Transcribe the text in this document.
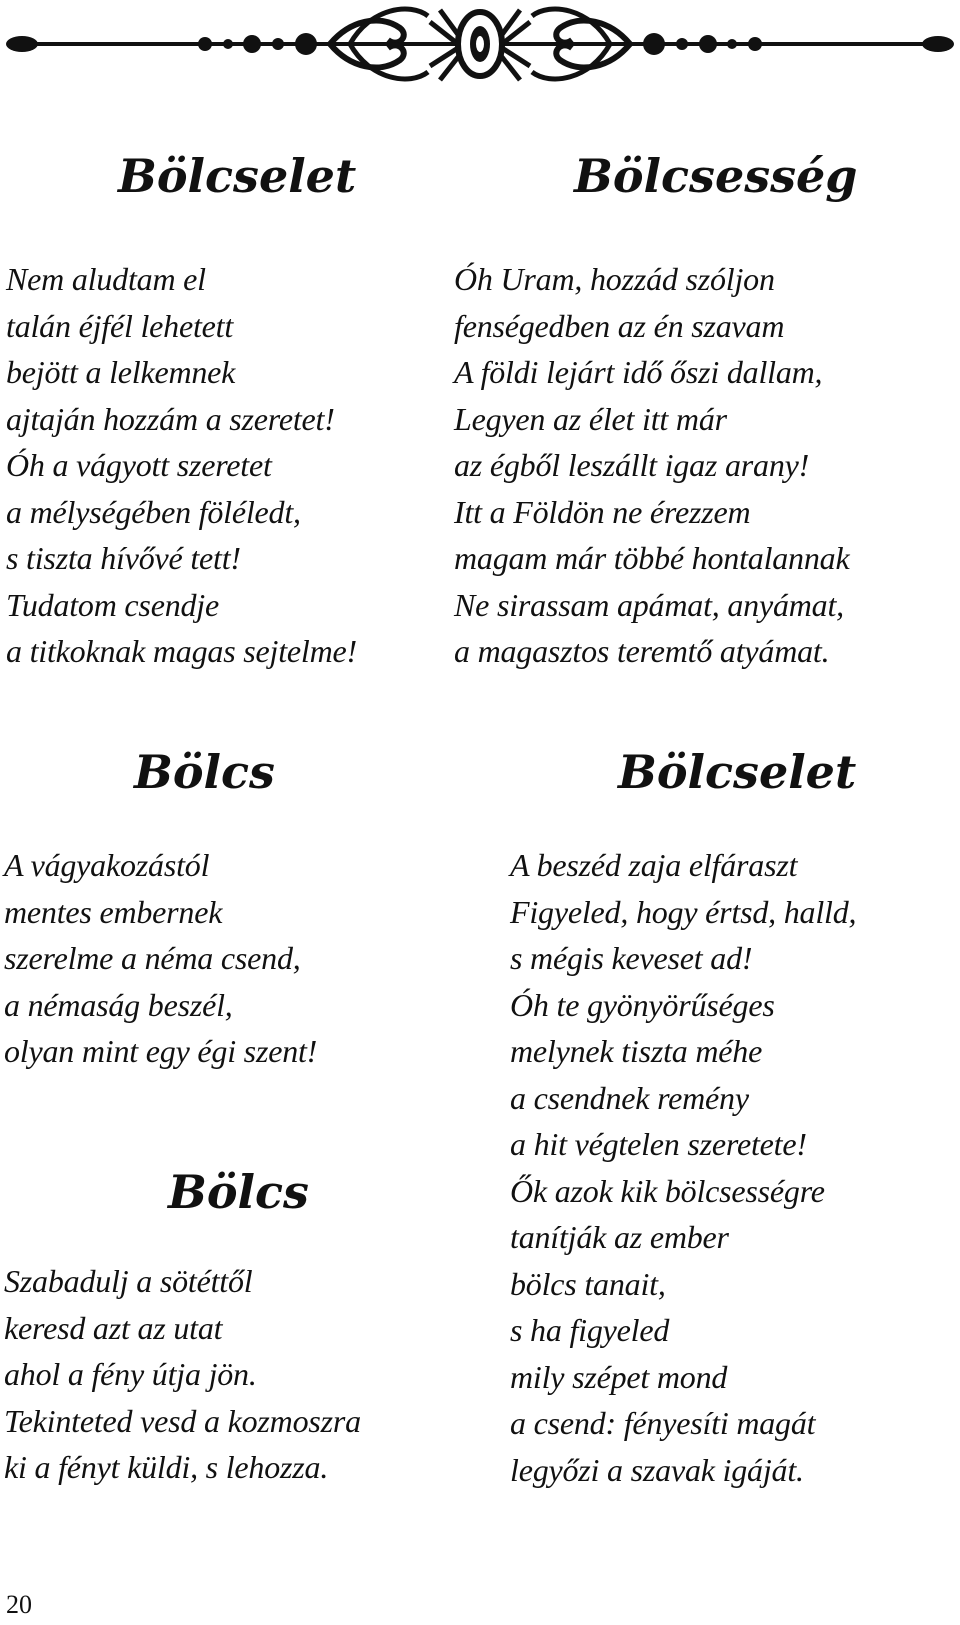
Bölcselet
Nem aludtam el
talán éjfél lehetett
bejött a lelkemnek
ajtaján hozzám a szeretet!
Óh a vágyott szeretet
a mélységében föléledt,
s tiszta hívővé tett!
Tudatom csendje
a titkoknak magas sejtelme!
Bölcsesség
Óh Uram, hozzád szóljon
fenségedben az én szavam
A földi lejárt idő őszi dallam,
Legyen az élet itt már
az égből leszállt igaz arany!
Itt a Földön ne érezzem
magam már többé hontalannak
Ne sirassam apámat, anyámat,
a magasztos teremtő atyámat.
Bölcs
A vágyakozástól
mentes embernek
szerelme a néma csend,
a némaság beszél,
olyan mint egy égi szent!
Bölcselet
A beszéd zaja elfáraszt
Figyeled, hogy értsd, halld,
s mégis keveset ad!
Óh te gyönyörűséges
melynek tiszta méhe
a csendnek remény
a hit végtelen szeretete!
Ők azok kik bölcsességre
tanítják az ember
bölcs tanait,
s ha figyeled
mily szépet mond
a csend: fényesíti magát
legyőzi a szavak igáját.
Bölcs
Szabadulj a sötéttől
keresd azt az utat
ahol a fény útja jön.
Tekinteted vesd a kozmoszra
ki a fényt küldi, s lehozza.
20
